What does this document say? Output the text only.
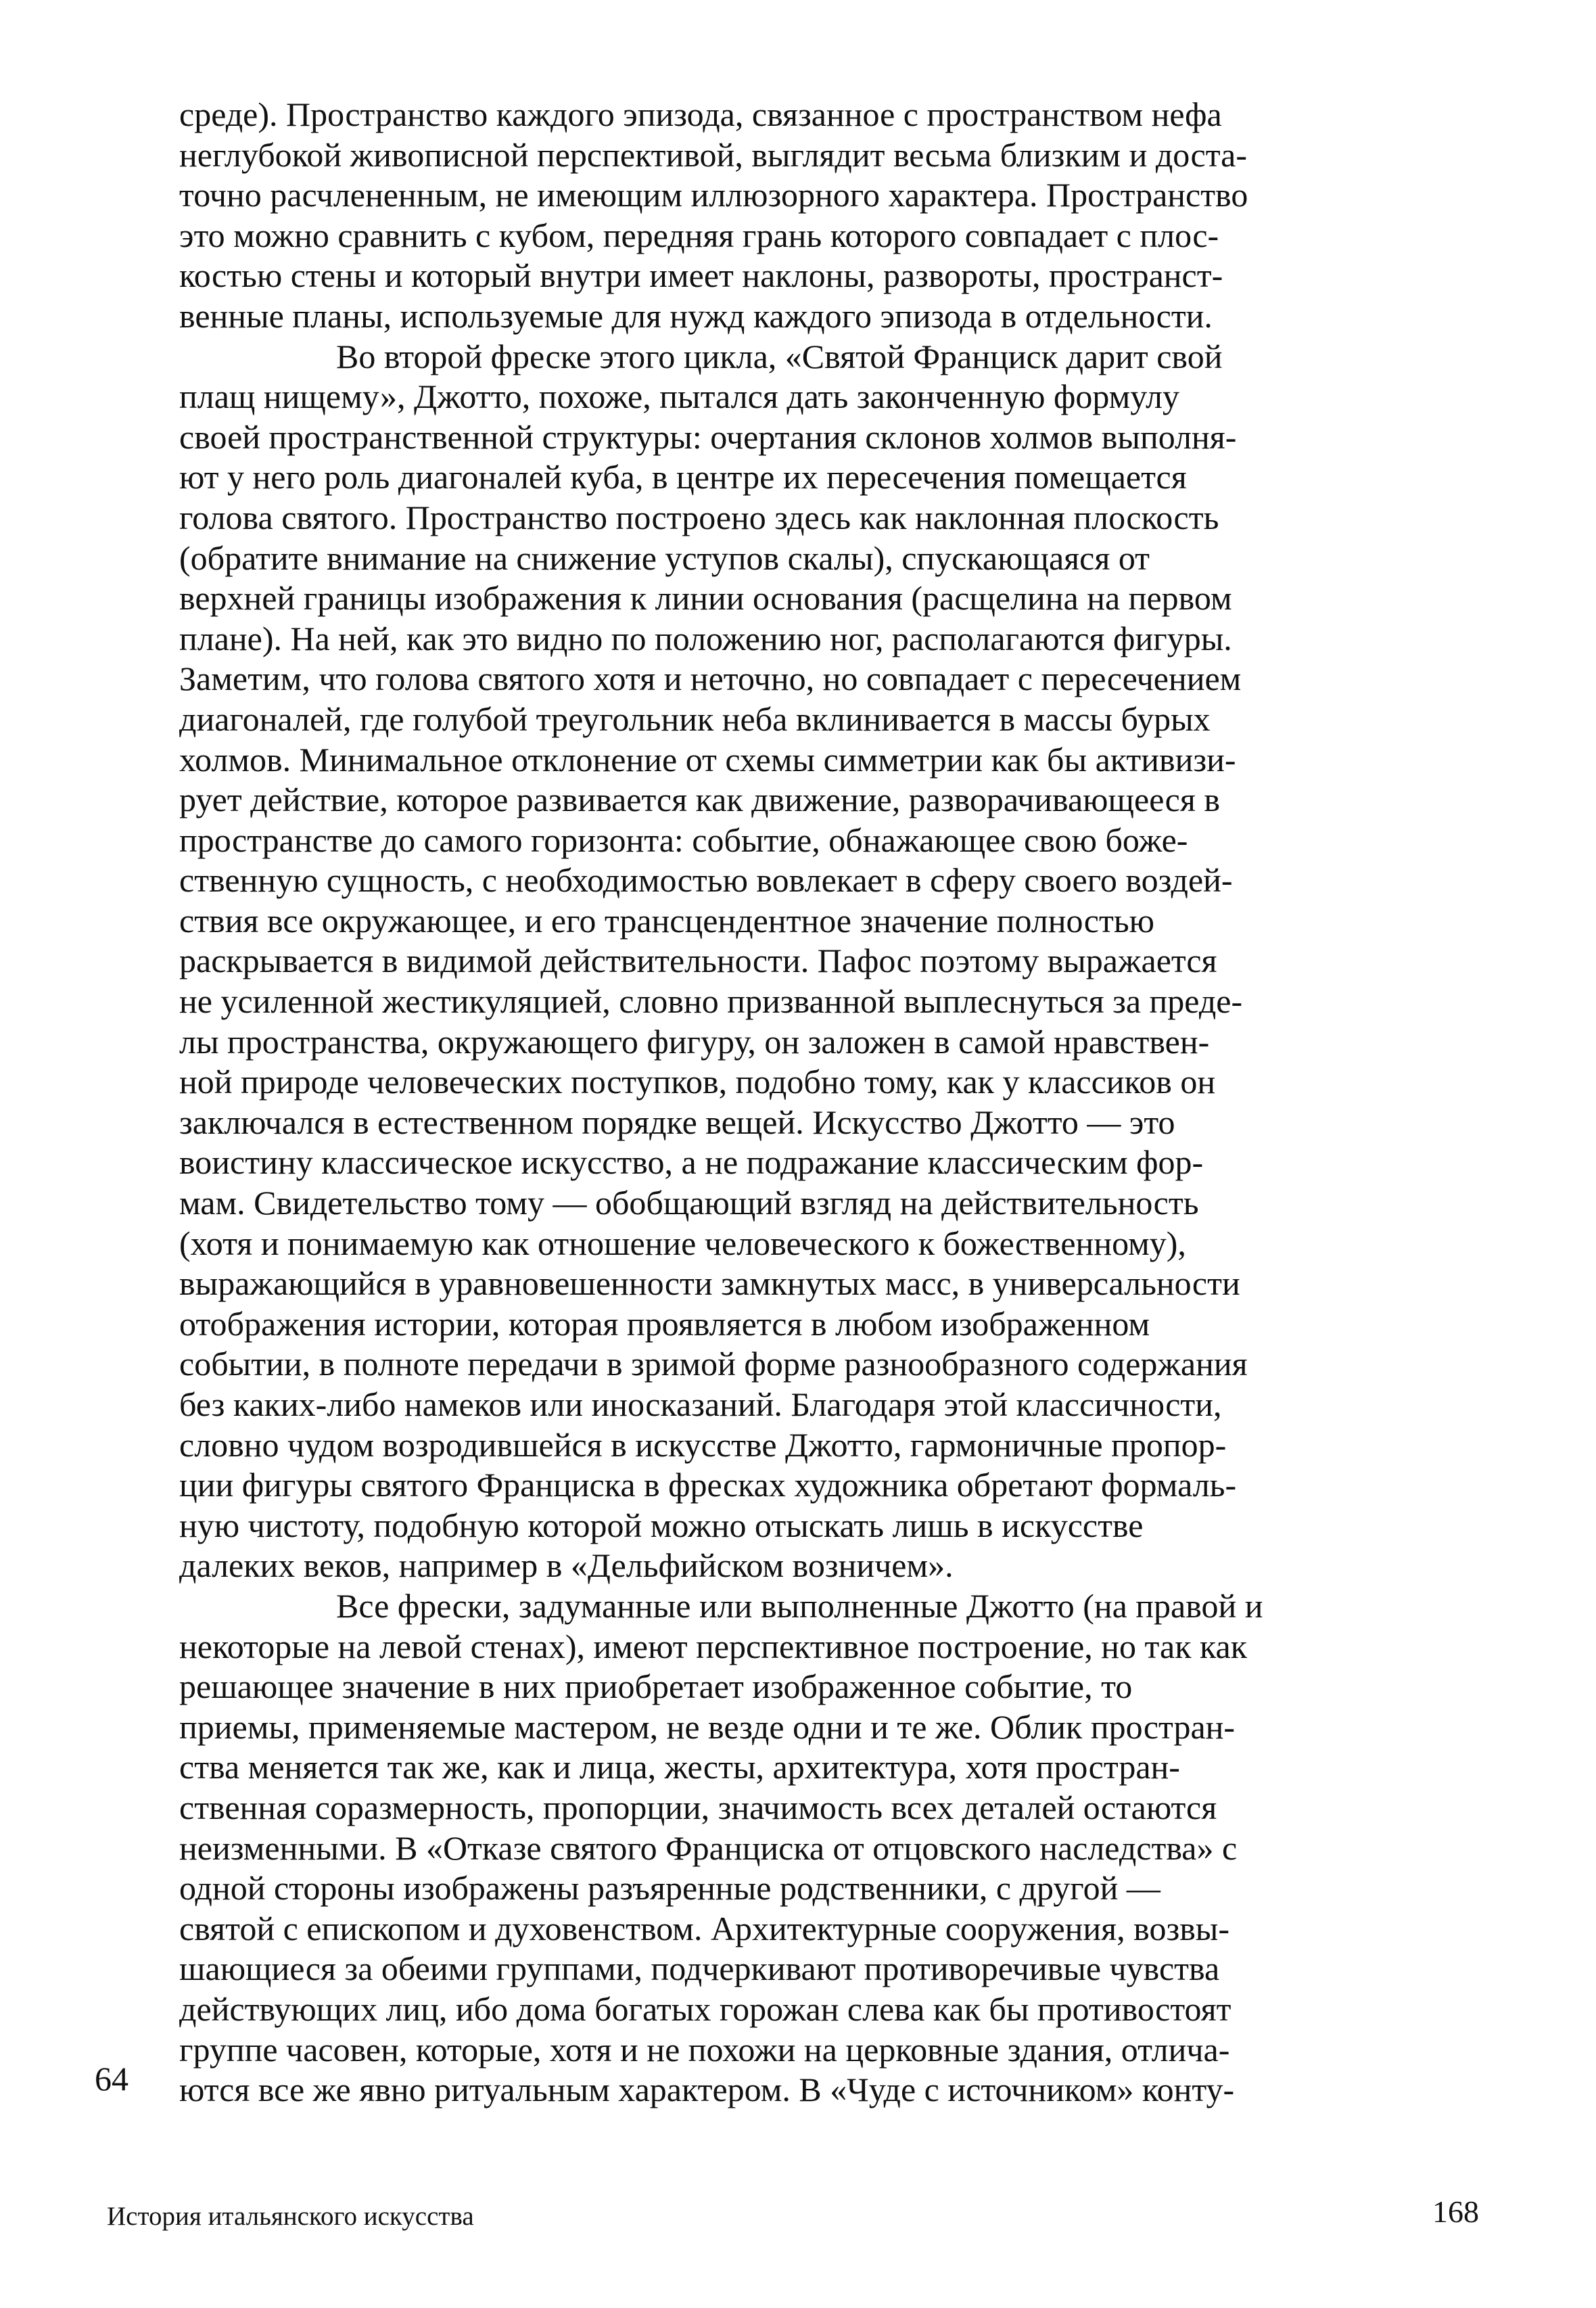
среде). Пространство каждого эпизода, связанное с пространством нефа
неглубокой живописной перспективой, выглядит весьма близким и доста-
точно расчлененным, не имеющим иллюзорного характера. Пространство
это можно сравнить с кубом, передняя грань которого совпадает с плос-
костью стены и который внутри имеет наклоны, развороты, пространст-
венные планы, используемые для нужд каждого эпизода в отдельности.
Во второй фреске этого цикла, «Святой Франциск дарит свой
плащ нищему», Джотто, похоже, пытался дать законченную формулу
своей пространственной структуры: очертания склонов холмов выполня-
ют у него роль диагоналей куба, в центре их пересечения помещается
голова святого. Пространство построено здесь как наклонная плоскость
(обратите внимание на снижение уступов скалы), спускающаяся от
верхней границы изображения к линии основания (расщелина на первом
плане). На ней, как это видно по положению ног, располагаются фигуры.
Заметим, что голова святого хотя и неточно, но совпадает с пересечением
диагоналей, где голубой треугольник неба вклинивается в массы бурых
холмов. Минимальное отклонение от схемы симметрии как бы активизи-
рует действие, которое развивается как движение, разворачивающееся в
пространстве до самого горизонта: событие, обнажающее свою боже-
ственную сущность, с необходимостью вовлекает в сферу своего воздей-
ствия все окружающее, и его трансцендентное значение полностью
раскрывается в видимой действительности. Пафос поэтому выражается
не усиленной жестикуляцией, словно призванной выплеснуться за преде-
лы пространства, окружающего фигуру, он заложен в самой нравствен-
ной природе человеческих поступков, подобно тому, как у классиков он
заключался в естественном порядке вещей. Искусство Джотто — это
воистину классическое искусство, а не подражание классическим фор-
мам. Свидетельство тому — обобщающий взгляд на действительность
(хотя и понимаемую как отношение человеческого к божественному),
выражающийся в уравновешенности замкнутых масс, в универсальности
отображения истории, которая проявляется в любом изображенном
событии, в полноте передачи в зримой форме разнообразного содержания
без каких-либо намеков или иносказаний. Благодаря этой классичности,
словно чудом возродившейся в искусстве Джотто, гармоничные пропор-
ции фигуры святого Франциска в фресках художника обретают формаль-
ную чистоту, подобную которой можно отыскать лишь в искусстве
далеких веков, например в «Дельфийском возничем».
Все фрески, задуманные или выполненные Джотто (на правой и
некоторые на левой стенах), имеют перспективное построение, но так как
решающее значение в них приобретает изображенное событие, то
приемы, применяемые мастером, не везде одни и те же. Облик простран-
ства меняется так же, как и лица, жесты, архитектура, хотя простран-
ственная соразмерность, пропорции, значимость всех деталей остаются
неизменными. В «Отказе святого Франциска от отцовского наследства» с
одной стороны изображены разъяренные родственники, с другой —
святой с епископом и духовенством. Архитектурные сооружения, возвы-
шающиеся за обеими группами, подчеркивают противоречивые чувства
действующих лиц, ибо дома богатых горожан слева как бы противостоят
группе часовен, которые, хотя и не похожи на церковные здания, отлича-
ются все же явно ритуальным характером. В «Чуде с источником» конту-
64
История итальянского искусства	168
